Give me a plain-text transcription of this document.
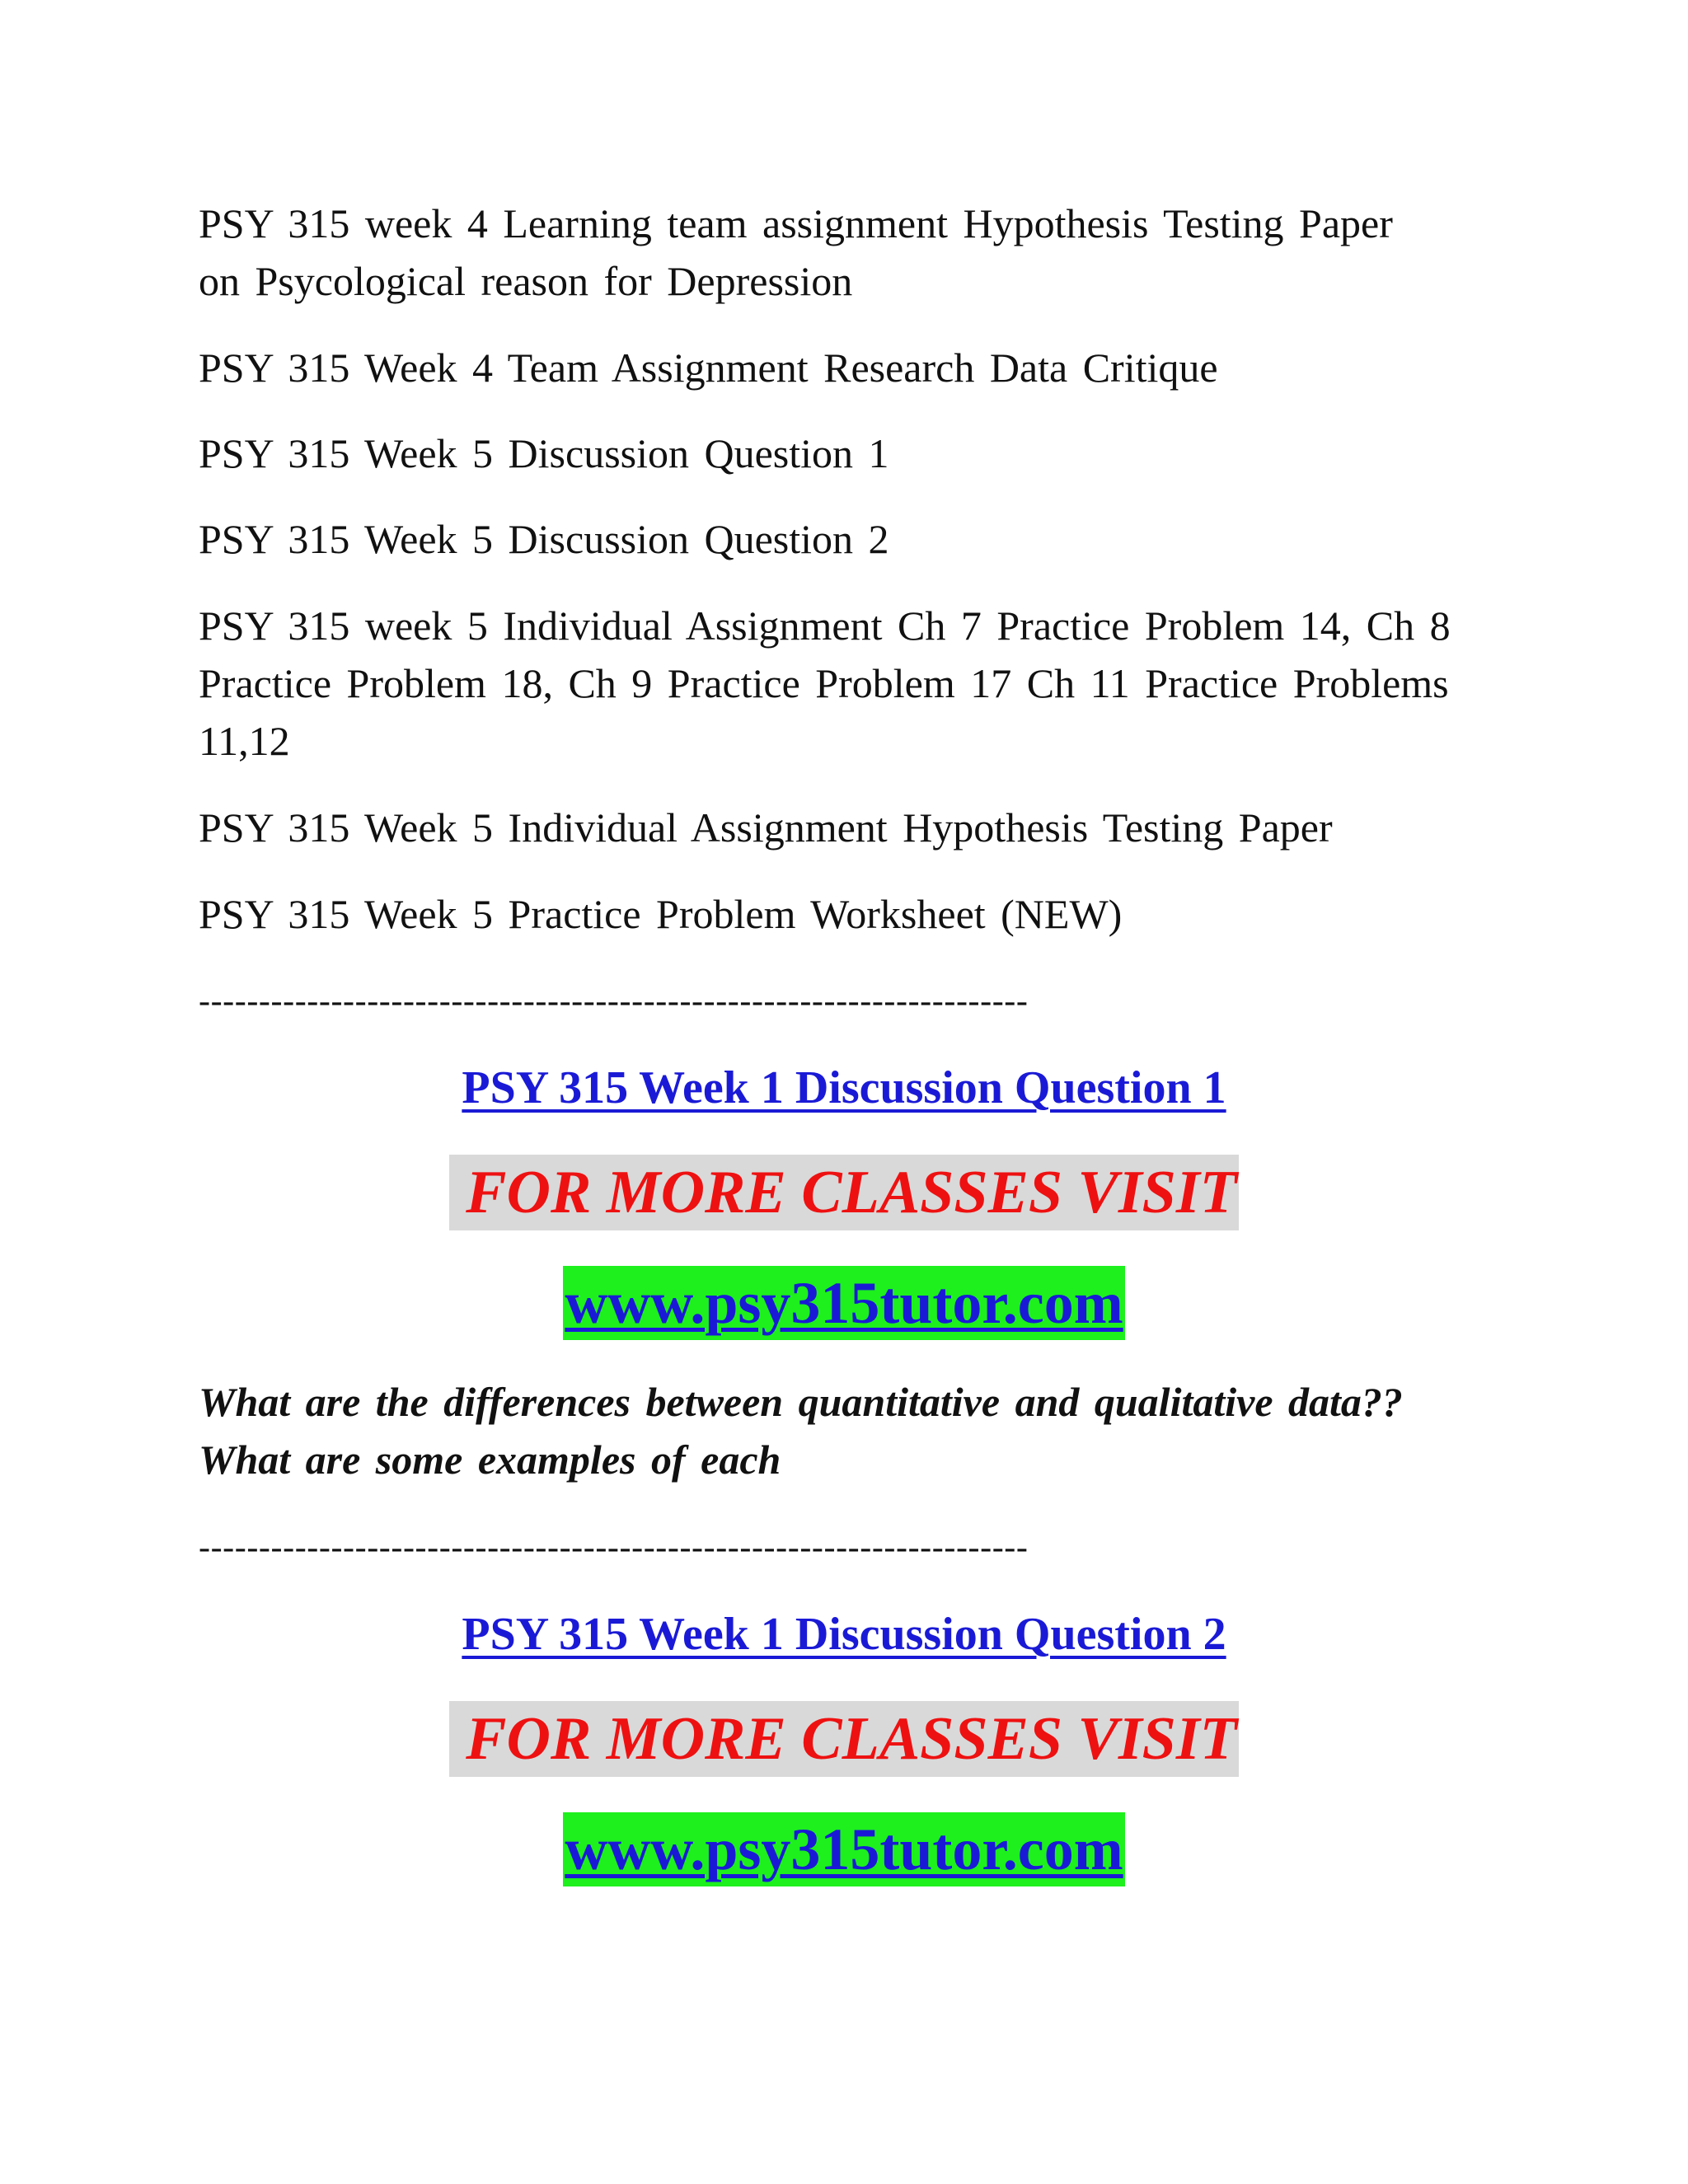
PSY 315 week 4 Learning team assignment Hypothesis Testing Paper
on Psycological reason for Depression
PSY 315 Week 4 Team Assignment Research Data Critique
PSY 315 Week 5 Discussion Question 1
PSY 315 Week 5 Discussion Question 2
PSY 315 week 5 Individual Assignment Ch 7 Practice Problem 14, Ch 8
Practice Problem 18, Ch 9 Practice Problem 17 Ch 11 Practice Problems
11,12
PSY 315 Week 5 Individual Assignment Hypothesis Testing Paper
PSY 315 Week 5 Practice Problem Worksheet (NEW)
---------------------------------------------------------------------
PSY 315 Week 1 Discussion Question 1
FOR MORE CLASSES VISIT
www.psy315tutor.com
What are the differences between quantitative and qualitative data??
What are some examples of each
---------------------------------------------------------------------
PSY 315 Week 1 Discussion Question 2
FOR MORE CLASSES VISIT
www.psy315tutor.com
